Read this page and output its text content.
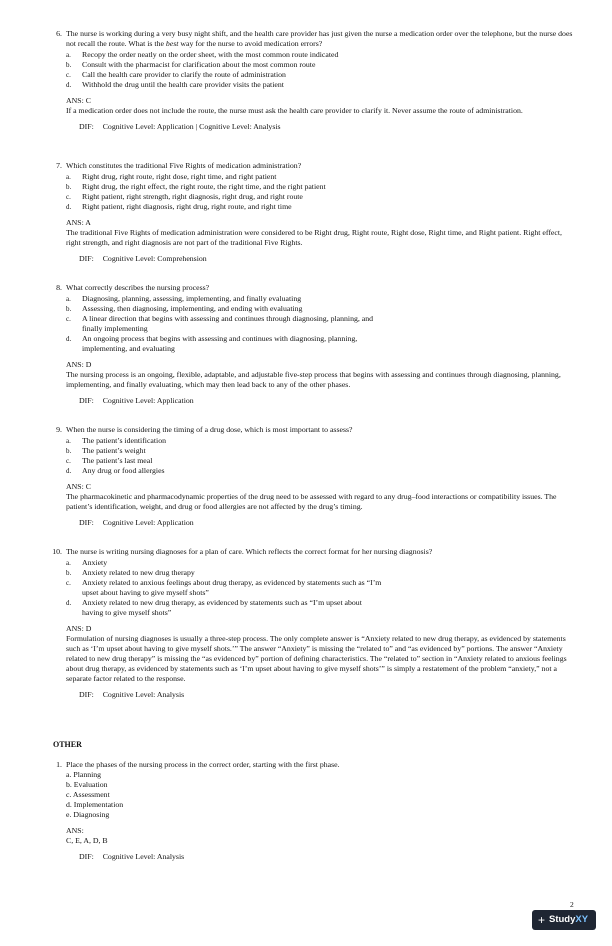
6. The nurse is working during a very busy night shift, and the health care provider has just given the nurse a medication order over the telephone, but the nurse does not recall the route. What is the best way for the nurse to avoid medication errors?

a. Recopy the order neatly on the order sheet, with the most common route indicated
b. Consult with the pharmacist for clarification about the most common route
c. Call the health care provider to clarify the route of administration
d. Withhold the drug until the health care provider visits the patient
ANS: C

If a medication order does not include the route, the nurse must ask the health care provider to clarify it. Never assume the route of administration.

DIF: Cognitive Level: Application | Cognitive Level: Analysis
7. Which constitutes the traditional Five Rights of medication administration?

a. Right drug, right route, right dose, right time, and right patient
b. Right drug, the right effect, the right route, the right time, and the right patient
c. Right patient, right strength, right diagnosis, right drug, and right route
d. Right patient, right diagnosis, right drug, right route, and right time
ANS: A

The traditional Five Rights of medication administration were considered to be Right drug, Right route, Right dose, Right time, and Right patient. Right effect, right strength, and right diagnosis are not part of the traditional Five Rights.

DIF: Cognitive Level: Comprehension
8. What correctly describes the nursing process?

a. Diagnosing, planning, assessing, implementing, and finally evaluating
b. Assessing, then diagnosing, implementing, and ending with evaluating
c. A linear direction that begins with assessing and continues through diagnosing, planning, and finally implementing
d. An ongoing process that begins with assessing and continues with diagnosing, planning, implementing, and evaluating
ANS: D

The nursing process is an ongoing, flexible, adaptable, and adjustable five-step process that begins with assessing and continues through diagnosing, planning, implementing, and finally evaluating, which may then lead back to any of the other phases.

DIF: Cognitive Level: Application
9. When the nurse is considering the timing of a drug dose, which is most important to assess?

a. The patient’s identification
b. The patient’s weight
c. The patient’s last meal
d. Any drug or food allergies
ANS: C

The pharmacokinetic and pharmacodynamic properties of the drug need to be assessed with regard to any drug–food interactions or compatibility issues. The patient’s identification, weight, and drug or food allergies are not affected by the drug’s timing.

DIF: Cognitive Level: Application
10. The nurse is writing nursing diagnoses for a plan of care. Which reflects the correct format for her nursing diagnosis?

a. Anxiety
b. Anxiety related to new drug therapy
c. Anxiety related to anxious feelings about drug therapy, as evidenced by statements such as “I’m upset about having to give myself shots”
d. Anxiety related to new drug therapy, as evidenced by statements such as “I’m upset about having to give myself shots”
ANS: D

Formulation of nursing diagnoses is usually a three-step process. The only complete answer is “Anxiety related to new drug therapy, as evidenced by statements such as ‘I’m upset about having to give myself shots.’” The answer “Anxiety” is missing the “related to” and “as evidenced by” portions. The answer “Anxiety related to new drug therapy” is missing the “as evidenced by” portion of defining characteristics. The “related to” section in “Anxiety related to anxious feelings about drug therapy, as evidenced by statements such as ‘I’m upset about having to give myself shots’” is simply a restatement of the problem “anxiety,” not a separate factor related to the response.

DIF: Cognitive Level: Analysis
OTHER
1. Place the phases of the nursing process in the correct order, starting with the first phase.

a. Planning

b. Evaluation

c. Assessment

d. Implementation

e. Diagnosing

ANS:

C, E, A, D, B

DIF: Cognitive Level: Analysis
2
+ StudyXY
